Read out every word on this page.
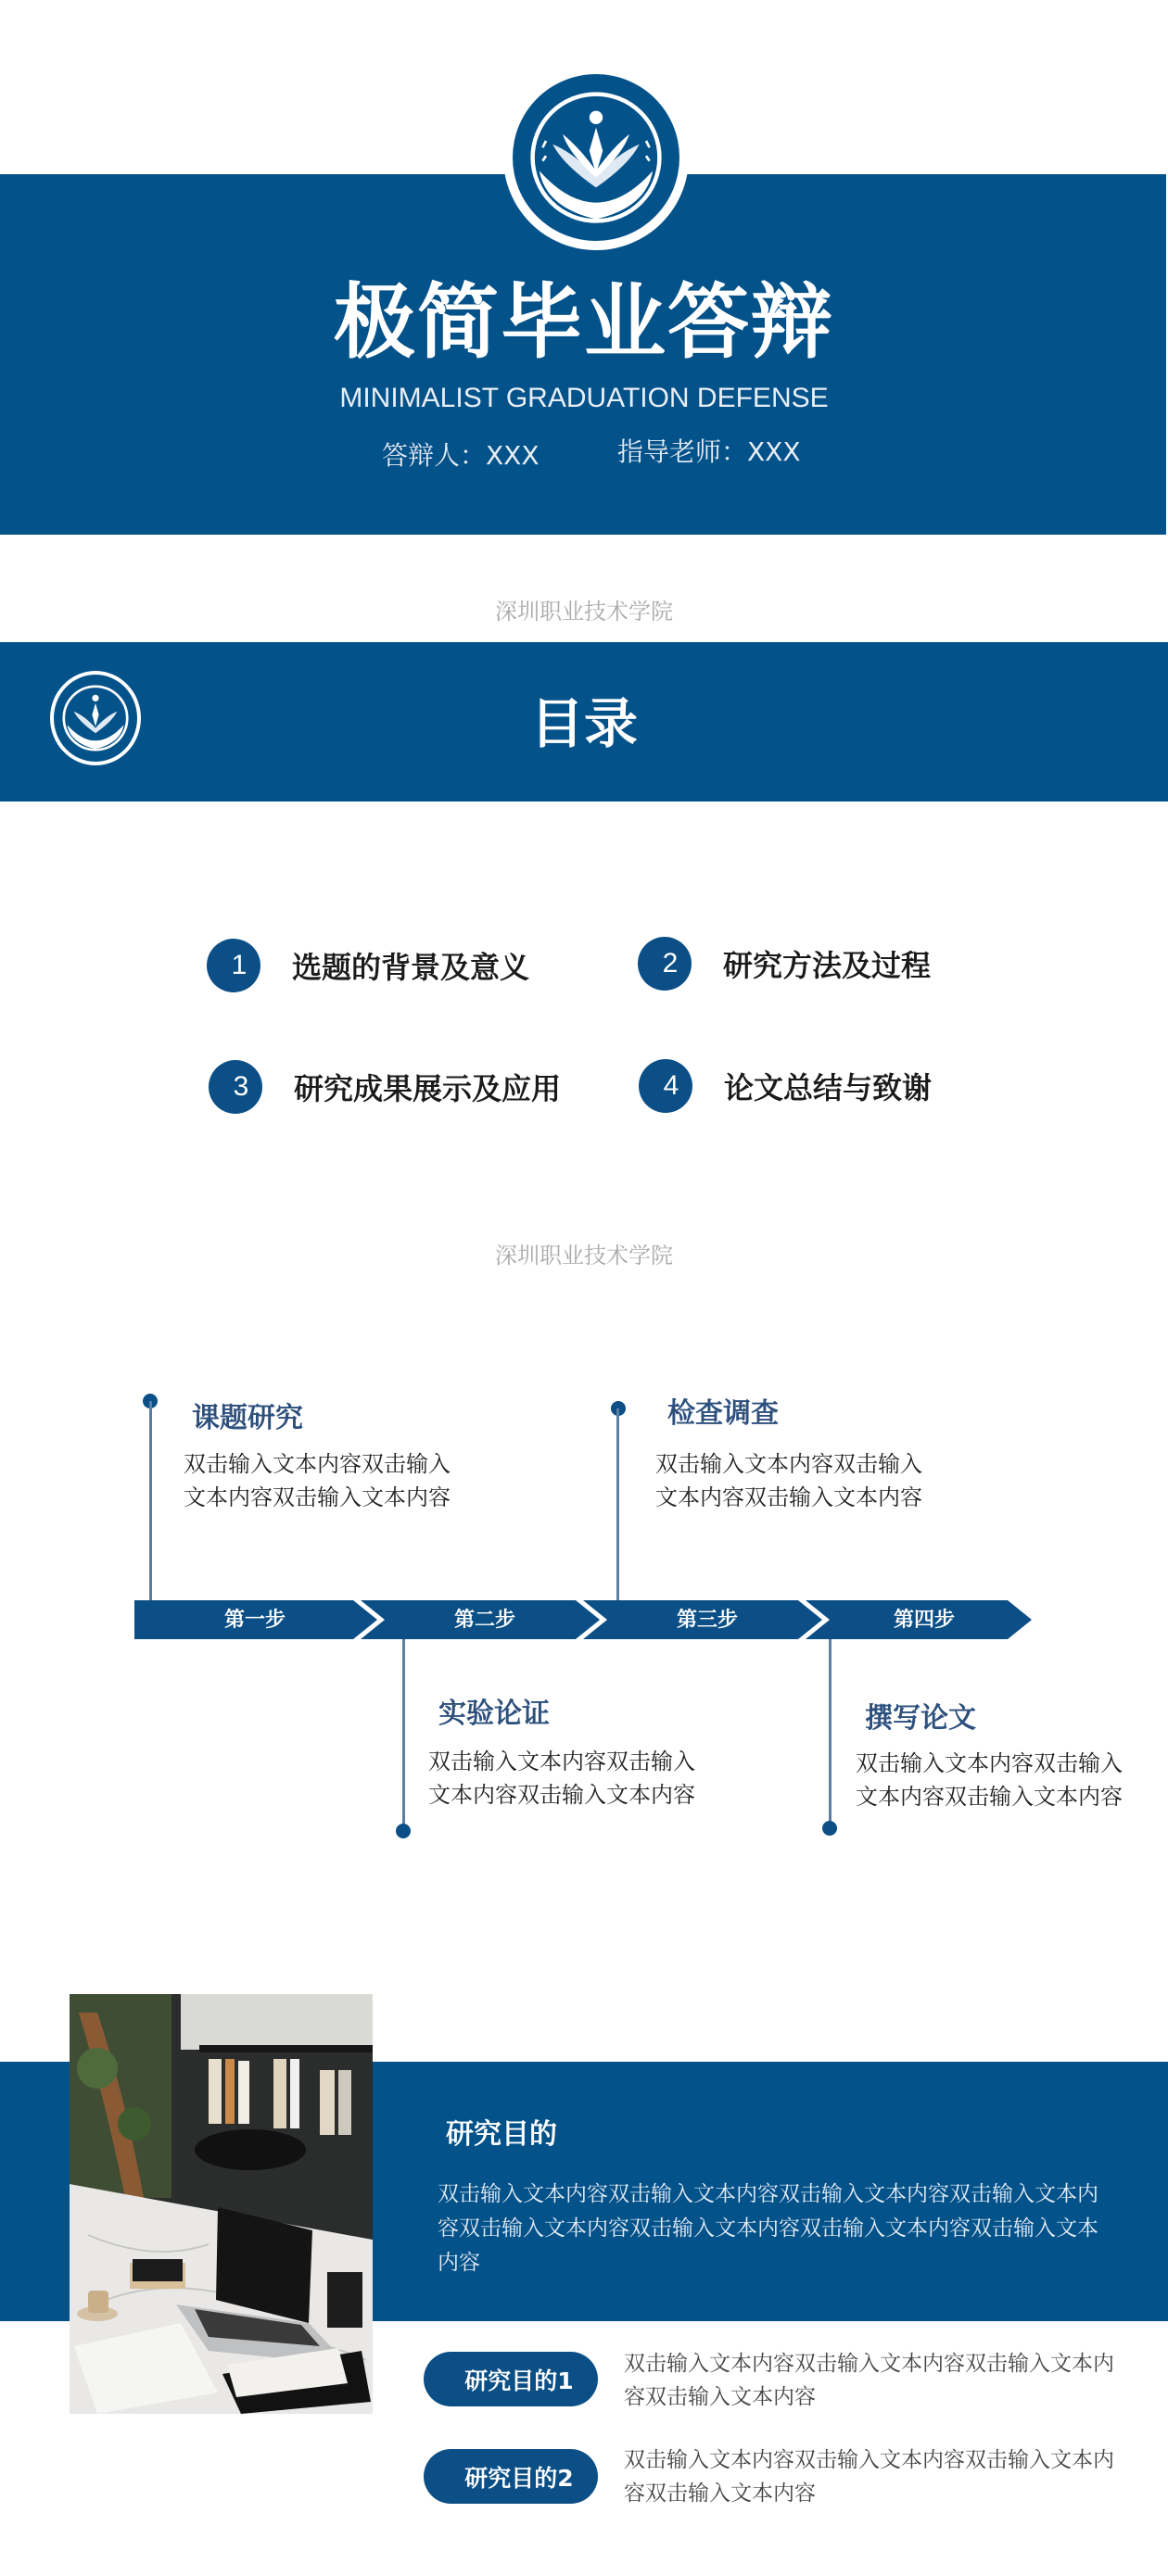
极简毕业答辩
MINIMALIST GRADUATION DEFENSE
答辩人：XXX	指导老师：XXX
深圳职业技术学院
目录
1	选题的背景及意义	2	研究方法及过程
3	研究成果展示及应用	4	论文总结与致谢
深圳职业技术学院
课题研究
双击输入文本内容双击输入文本内容双击输入文本内容
检查调查
双击输入文本内容双击输入文本内容双击输入文本内容
第一步	第二步	第三步	第四步
实验论证
双击输入文本内容双击输入文本内容双击输入文本内容
撰写论文
双击输入文本内容双击输入文本内容双击输入文本内容
研究目的
双击输入文本内容双击输入文本内容双击输入文本内容双击输入文本内容双击输入文本内容双击输入文本内容双击输入文本内容双击输入文本内容
研究目的1
双击输入文本内容双击输入文本内容双击输入文本内容双击输入文本内容
研究目的2
双击输入文本内容双击输入文本内容双击输入文本内容双击输入文本内容
